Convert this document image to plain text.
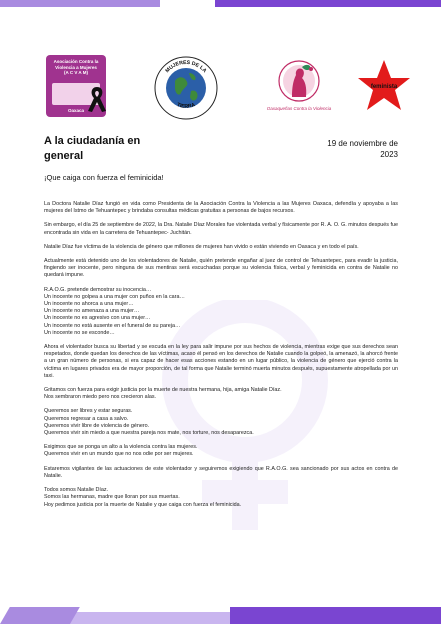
Asociación Contra la
Violencia a Mujeres
(A C V A M)
Oaxaca
MUJERES DE LA
TIERRA	Oaxaqueñas Contra la Violencia
feminista
A la ciudadanía en general
19 de noviembre de 2023
¡Que caiga con fuerza el feminicida!

La Doctora Natalie Díaz fungió en vida como Presidenta de la Asociación Contra la Violencia a las Mujeres Oaxaca, defendía y apoyaba a las mujeres del Istmo de Tehuantepec y brindaba consultas médicas gratuitas a personas de bajos recursos.

Sin embargo, el día 25 de septiembre de 2022, la Dra. Natalie Díaz Morales fue violentada verbal y físicamente por R. A. O. G. minutos después fue encontrada sin vida en la carretera de Tehuantepec- Juchitán.

Natalie Díaz fue víctima de la violencia de género que millones de mujeres han vivido o están viviendo en Oaxaca y en todo el país.

Actualmente está detenido uno de los violentadores de Natalie, quién pretende engañar al juez de control de Tehuantepec, para evadir la justicia, fingiendo ser inocente, pero ninguna de sus mentiras será escuchadas porque su violencia física, verbal y feminicida en contra de Natalie no quedará impune.

R.A.O.G. pretende demostrar su inocencia…
Un inocente no golpea a una mujer con puños en la cara…
Un inocente no ahorca a una mujer…
Un inocente no amenaza a una mujer…
Un inocente no es agresivo con una mujer…
Un inocente no está ausente en el funeral de su pareja…
Un inocente no se esconde…

Ahora el violentador busca su libertad y se escuda en la ley para salir impune por sus hechos de violencia, mientras exige que sus derechos sean respetados, donde quedan los derechos de las víctimas, acaso él pensó en los derechos de Natalie cuando la golpeó, la amenazó, la ahorcó frente a un gran número de personas, si era capaz de hacer esas acciones estando en un lugar público, la violencia de género que ejerció contra la víctima en lugares privados era de mayor proporción, de tal forma que Natalie terminó muerta minutos después, supuestamente atropellada por un taxi.

Gritamos con fuerza para exigir justicia por la muerte de nuestra hermana, hija, amiga Natalie Díaz.
Nos sembraron miedo pero nos crecieron alas.
Queremos ser libres y estar seguras.
Queremos regresar a casa a salvo.
Queremos vivir libre de violencia de género.
Queremos vivir sin miedo a que nuestra pareja nos mate, nos torture, nos desaparezca.
Exigimos que se ponga un alto a la violencia contra las mujeres.
Queremos vivir en un mundo que no nos odie por ser mujeres.

Estaremos vigilantes de las actuaciones de este violentador y seguiremos exigiendo que R.A.O.G. sea sancionado por sus actos en contra de Natalie.

Todos somos Natalie Díaz.
Somos las hermanas, madre que lloran por sus muertas.
Hoy pedimos justicia por la muerte de Natalie y que caiga con fuerza el feminicida.
